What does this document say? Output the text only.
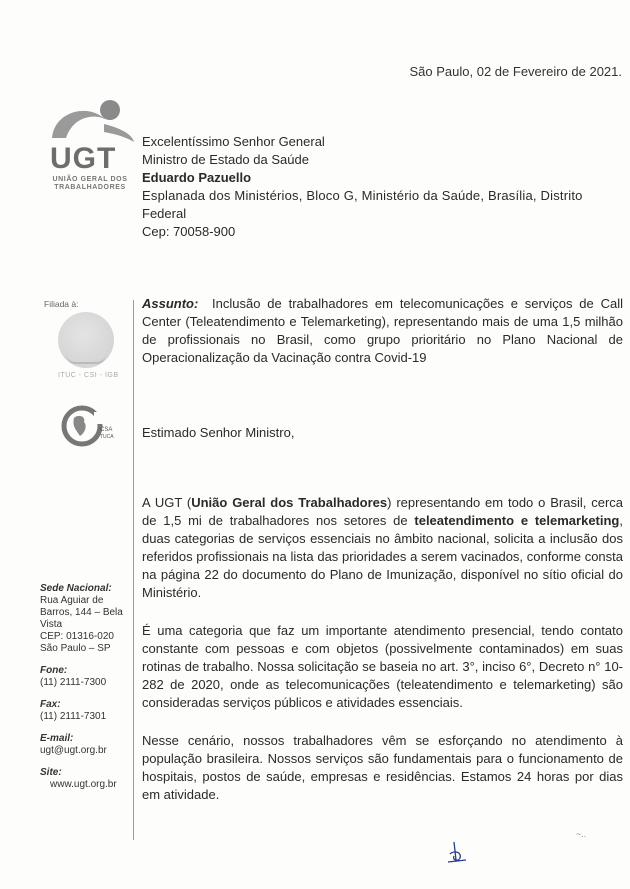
São Paulo, 02 de Fevereiro de 2021.
UGT
UNIÃO GERAL DOS
TRABALHADORES
Excelentíssimo Senhor General
Ministro de Estado da Saúde
Eduardo Pazuello
Esplanada dos Ministérios, Bloco G, Ministério da Saúde, Brasília, Distrito
Federal
Cep: 70058-900
Filiada à:
ITUC - CSI - IGB
CSA
TUCA
Assunto: Inclusão de trabalhadores em telecomunicações e serviços de Call Center (Teleatendimento e Telemarketing), representando mais de uma 1,5 milhão de profissionais no Brasil, como grupo prioritário no Plano Nacional de Operacionalização da Vacinação contra Covid-19
Estimado Senhor Ministro,
A UGT (União Geral dos Trabalhadores) representando em todo o Brasil, cerca de 1,5 mi de trabalhadores nos setores de teleatendimento e telemarketing, duas categorias de serviços essenciais no âmbito nacional, solicita a inclusão dos referidos profissionais na lista das prioridades a serem vacinados, conforme consta na página 22 do documento do Plano de Imunização, disponível no sítio oficial do Ministério.
É uma categoria que faz um importante atendimento presencial, tendo contato constante com pessoas e com objetos (possivelmente contaminados) em suas rotinas de trabalho. Nossa solicitação se baseia no art. 3°, inciso 6°, Decreto n° 10-282 de 2020, onde as telecomunicações (teleatendimento e telemarketing) são consideradas serviços públicos e atividades essenciais.
Nesse cenário, nossos trabalhadores vêm se esforçando no atendimento à população brasileira. Nossos serviços são fundamentais para o funcionamento de hospitais, postos de saúde, empresas e residências. Estamos 24 horas por dias em atividade.
Sede Nacional:
Rua Aguiar de
Barros, 144 – Bela
Vista
CEP: 01316-020
São Paulo – SP
Fone:
(11) 2111-7300
Fax:
(11) 2111-7301
E-mail:
ugt@ugt.org.br
Site:
www.ugt.org.br
~..
